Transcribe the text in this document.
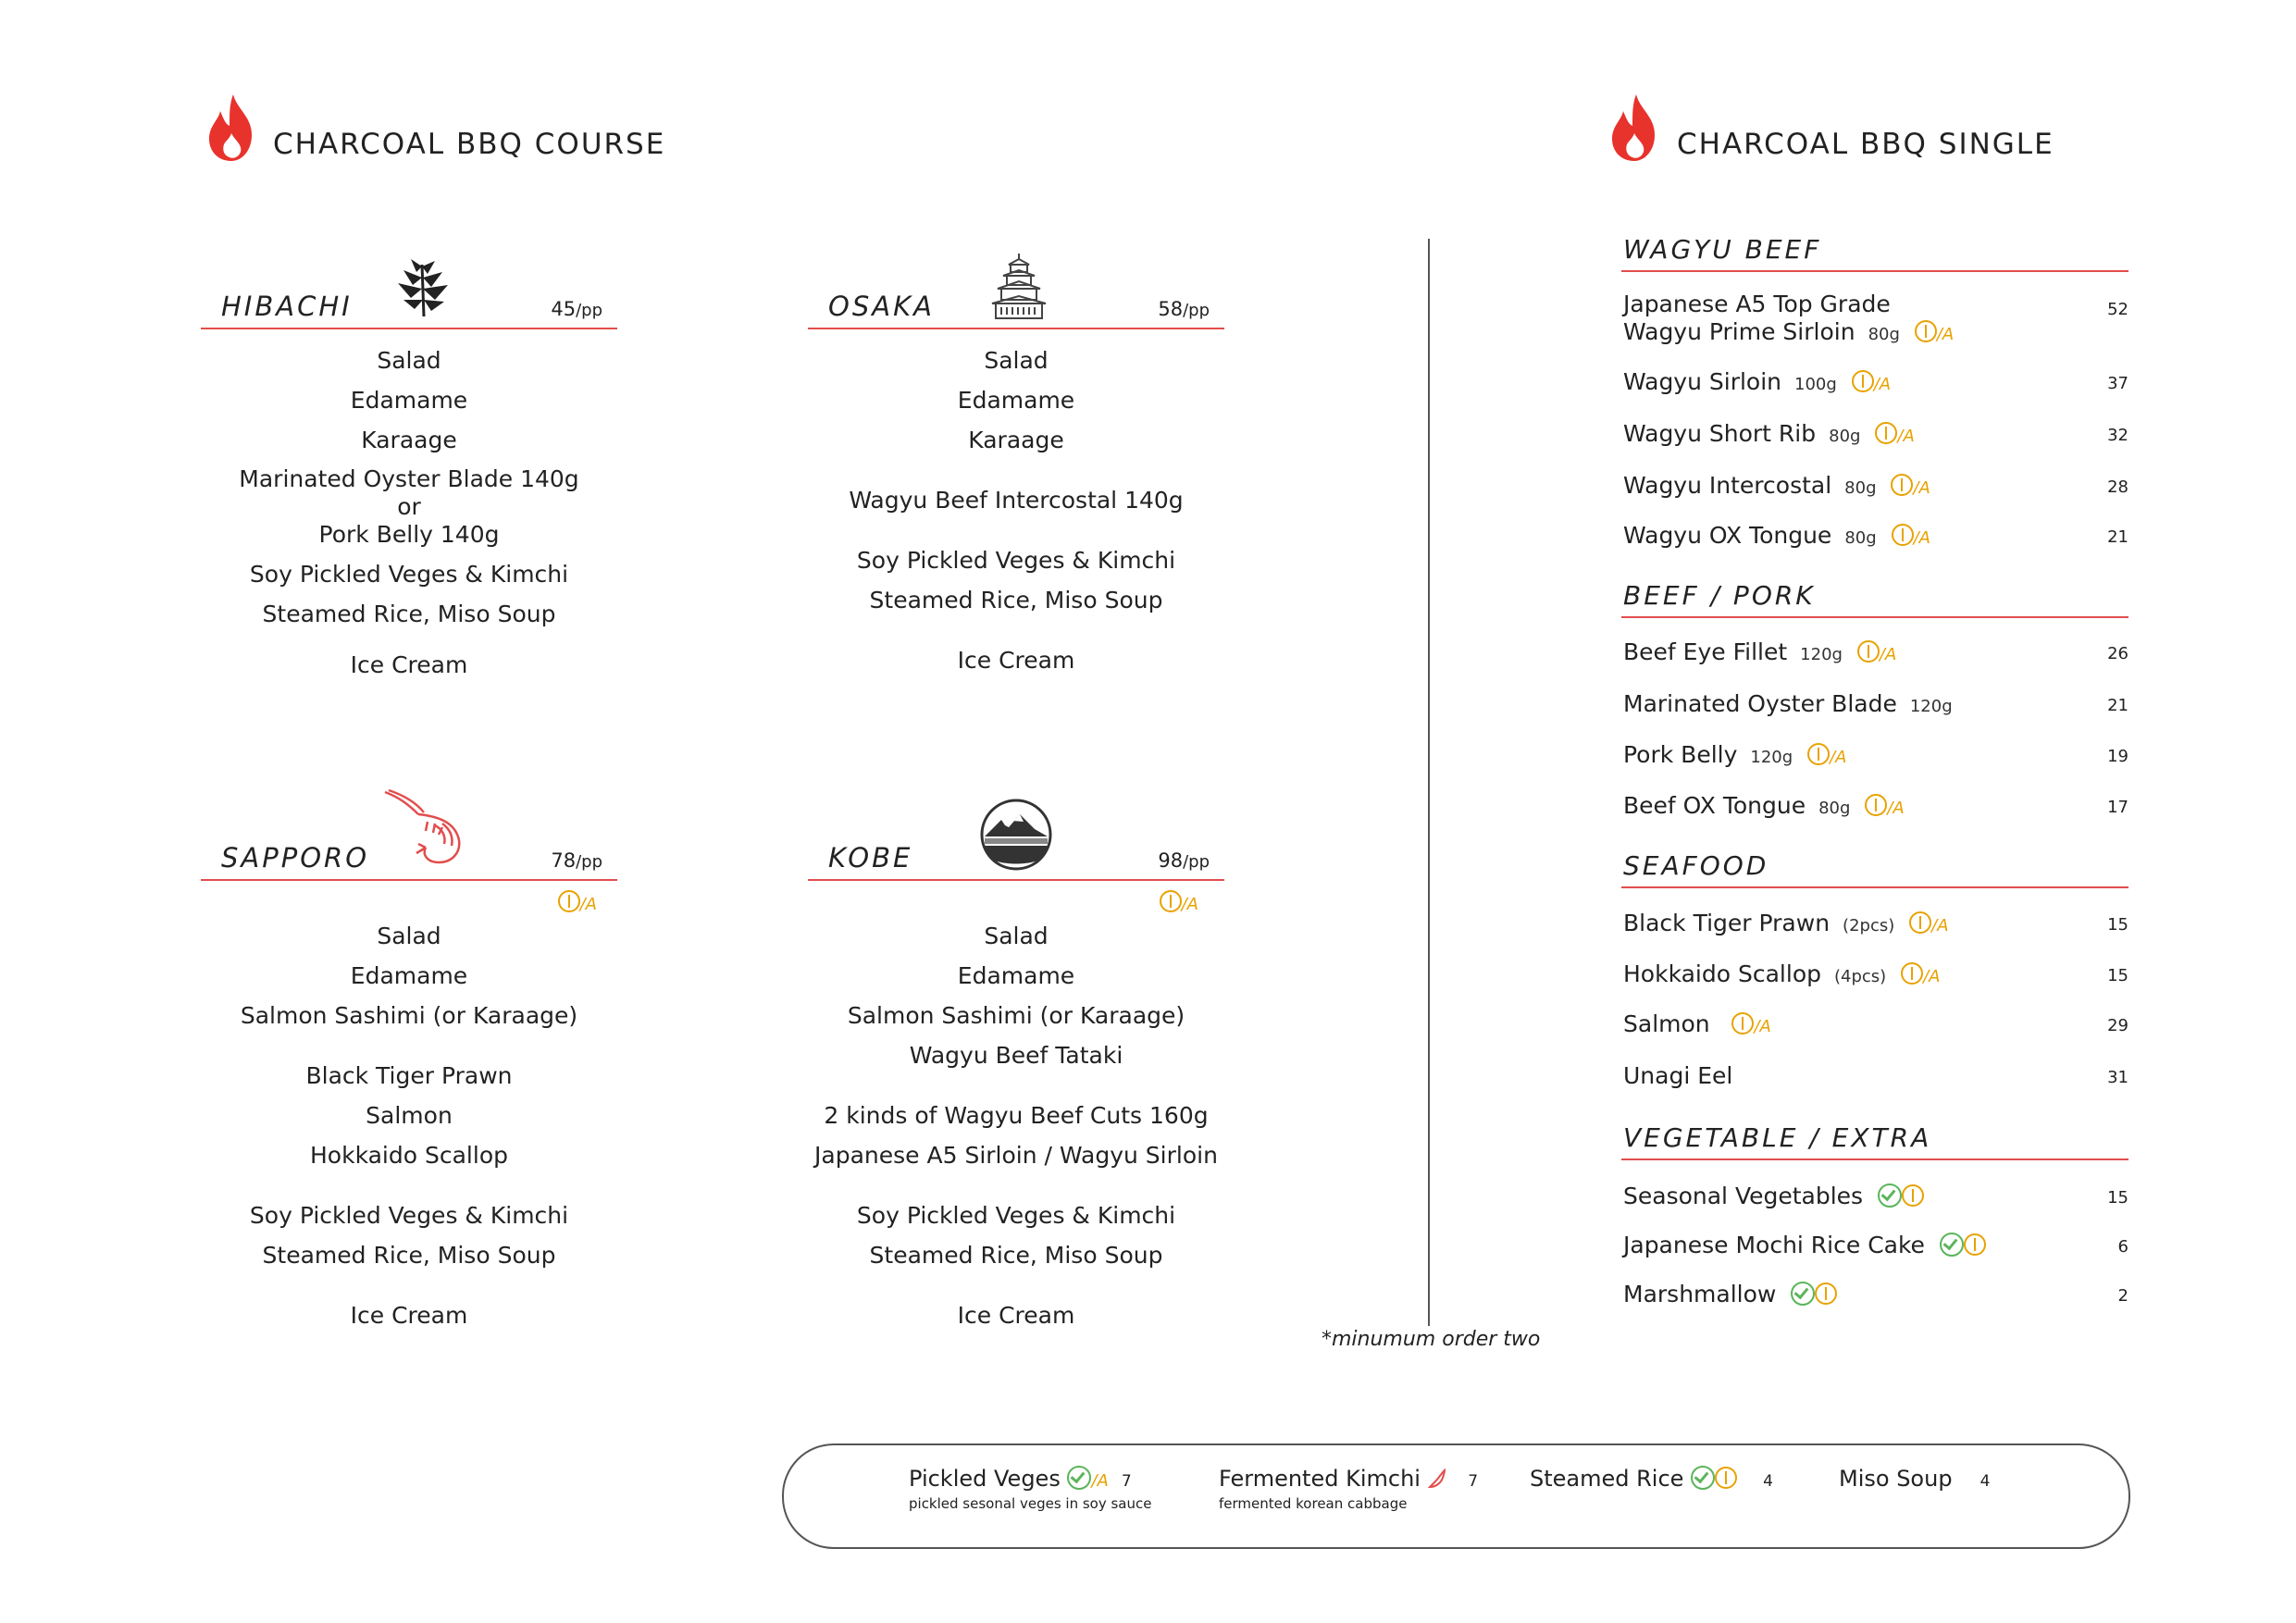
CHARCOAL BBQ COURSE	CHARCOAL BBQ SINGLE
HIBACHI	45/pp
Salad
Edamame
Karaage
Marinated Oyster Blade 140g
or
Pork Belly 140g
Soy Pickled Veges & Kimchi
Steamed Rice, Miso Soup
Ice Cream
OSAKA	58/pp
Salad
Edamame
Karaage
Wagyu Beef Intercostal 140g
Soy Pickled Veges & Kimchi
Steamed Rice, Miso Soup
Ice Cream
SAPPORO	78/pp
/A
Salad
Edamame
Salmon Sashimi (or Karaage)
Black Tiger Prawn
Salmon
Hokkaido Scallop
Soy Pickled Veges & Kimchi
Steamed Rice, Miso Soup
Ice Cream
KOBE	98/pp
/A
Salad
Edamame
Salmon Sashimi (or Karaage)
Wagyu Beef Tataki
2 kinds of Wagyu Beef Cuts 160g
Japanese A5 Sirloin / Wagyu Sirloin
Soy Pickled Veges & Kimchi
Steamed Rice, Miso Soup
Ice Cream
*minumum order two
WAGYU BEEF
Japanese A5 Top Grade
Wagyu Prime Sirloin 80g /A
52
Wagyu Sirloin 100g /A	37
Wagyu Short Rib 80g /A	32
Wagyu Intercostal 80g /A	28
Wagyu OX Tongue 80g /A	21
BEEF / PORK
Beef Eye Fillet 120g /A	26
Marinated Oyster Blade 120g	21
Pork Belly 120g /A	19
Beef OX Tongue 80g /A	17
SEAFOOD
Black Tiger Prawn (2pcs) /A	15
Hokkaido Scallop (4pcs) /A	15
Salmon	/A	29
Unagi Eel	31
VEGETABLE / EXTRA
Seasonal Vegetables	15
Japanese Mochi Rice Cake	6
Marshmallow	2
Pickled Veges /A 7
pickled sesonal veges in soy sauce
Fermented Kimchi	7
fermented korean cabbage
Steamed Rice	4	Miso Soup 4
